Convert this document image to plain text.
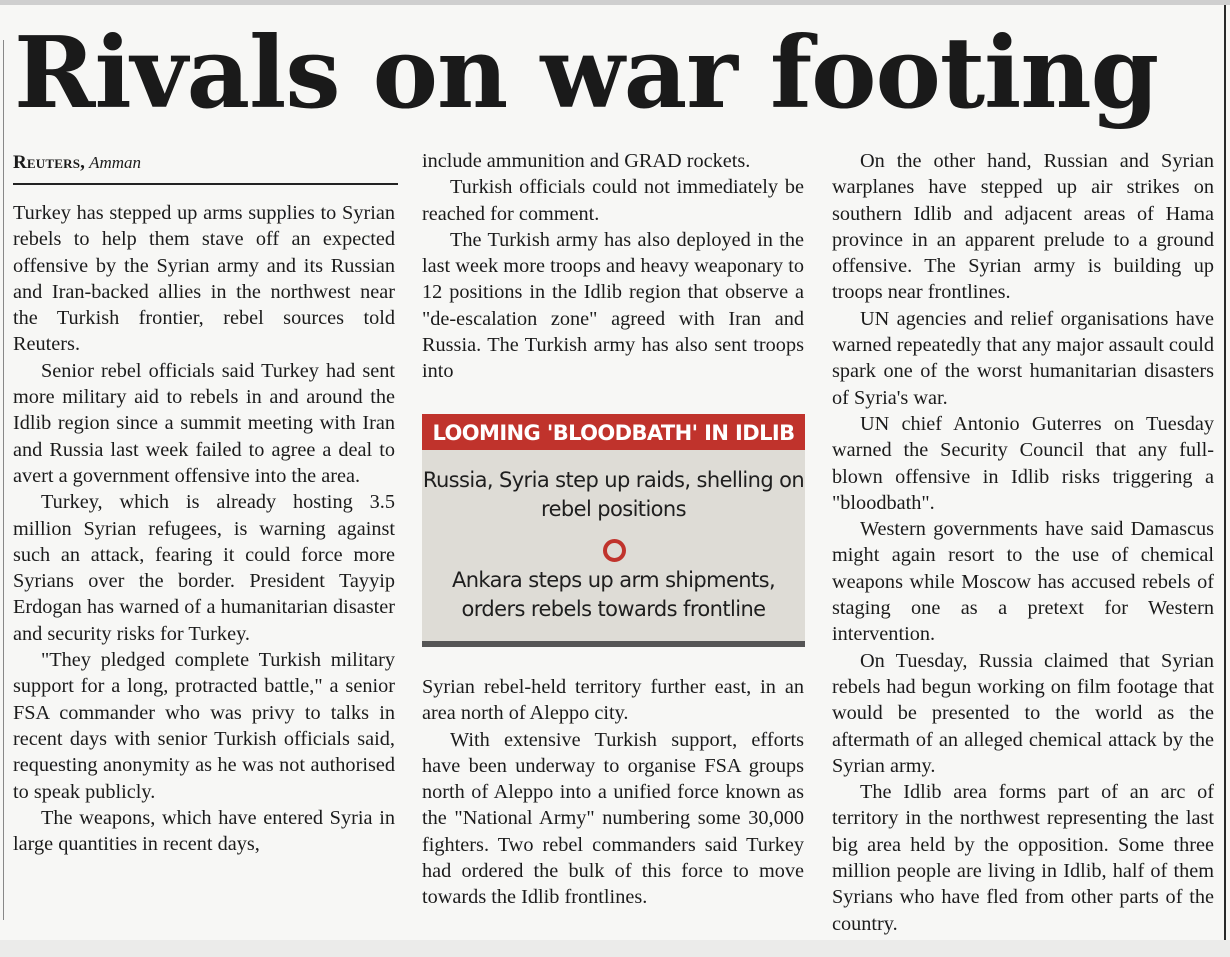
Rivals on war footing
Reuters, Amman

Turkey has stepped up arms supplies to Syrian rebels to help them stave off an expected offensive by the Syrian army and its Russian and Iran-backed allies in the northwest near the Turkish frontier, rebel sources told Reuters.

Senior rebel officials said Turkey had sent more military aid to rebels in and around the Idlib region since a summit meeting with Iran and Russia last week failed to agree a deal to avert a government offensive into the area.

Turkey, which is already hosting 3.5 million Syrian refugees, is warning against such an attack, fearing it could force more Syrians over the border. President Tayyip Erdogan has warned of a humanitarian disaster and security risks for Turkey.

"They pledged complete Turkish military support for a long, protracted battle," a senior FSA commander who was privy to talks in recent days with senior Turkish officials said, requesting anonymity as he was not authorised to speak publicly.

The weapons, which have entered Syria in large quantities in recent days,

include ammunition and GRAD rockets.

Turkish officials could not immediately be reached for comment.

The Turkish army has also deployed in the last week more troops and heavy weaponary to 12 positions in the Idlib region that observe a "de-escalation zone" agreed with Iran and Russia. The Turkish army has also sent troops into

LOOMING 'BLOODBATH' IN IDLIB
Russia, Syria step up raids, shelling on rebel positions
Ankara steps up arm shipments, orders rebels towards frontline

Syrian rebel-held territory further east, in an area north of Aleppo city.

With extensive Turkish support, efforts have been underway to organise FSA groups north of Aleppo into a unified force known as the "National Army" numbering some 30,000 fighters. Two rebel commanders said Turkey had ordered the bulk of this force to move towards the Idlib frontlines.

On the other hand, Russian and Syrian warplanes have stepped up air strikes on southern Idlib and adjacent areas of Hama province in an apparent prelude to a ground offensive. The Syrian army is building up troops near frontlines.

UN agencies and relief organisations have warned repeatedly that any major assault could spark one of the worst humanitarian disasters of Syria's war.

UN chief Antonio Guterres on Tuesday warned the Security Council that any full-blown offensive in Idlib risks triggering a "bloodbath".

Western governments have said Damascus might again resort to the use of chemical weapons while Moscow has accused rebels of staging one as a pretext for Western intervention.

On Tuesday, Russia claimed that Syrian rebels had begun working on film footage that would be presented to the world as the aftermath of an alleged chemical attack by the Syrian army.

The Idlib area forms part of an arc of territory in the northwest representing the last big area held by the opposition. Some three million people are living in Idlib, half of them Syrians who have fled from other parts of the country.
